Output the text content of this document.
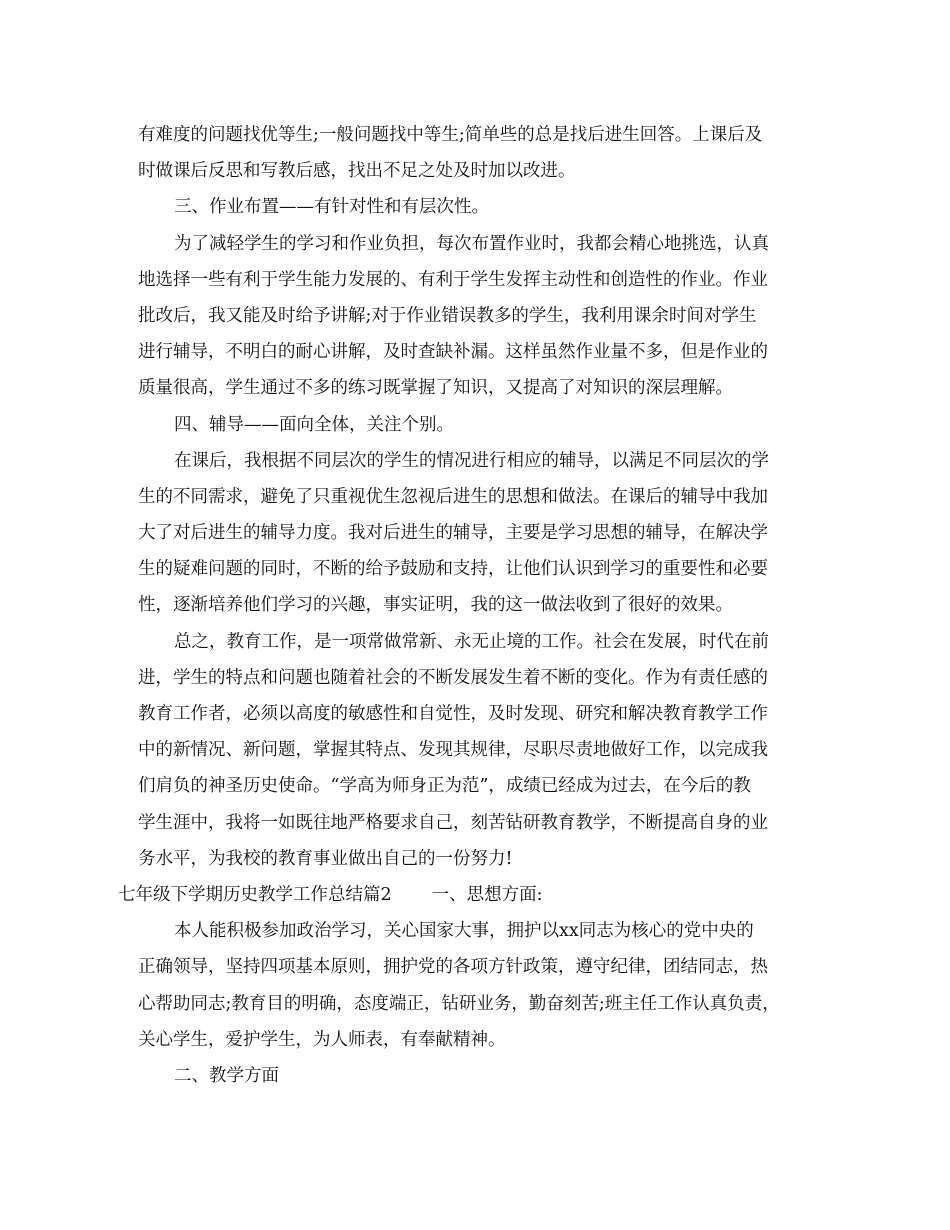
有难度的问题找优等生;一般问题找中等生;简单些的总是找后进生回答。上课后及
时做课后反思和写教后感，找出不足之处及时加以改进。
三、作业布置——有针对性和有层次性。
为了减轻学生的学习和作业负担，每次布置作业时，我都会精心地挑选，认真
地选择一些有利于学生能力发展的、有利于学生发挥主动性和创造性的作业。作业
批改后，我又能及时给予讲解;对于作业错误教多的学生，我利用课余时间对学生
进行辅导，不明白的耐心讲解，及时查缺补漏。这样虽然作业量不多，但是作业的
质量很高，学生通过不多的练习既掌握了知识，又提高了对知识的深层理解。
四、辅导——面向全体，关注个别。
在课后，我根据不同层次的学生的情况进行相应的辅导，以满足不同层次的学
生的不同需求，避免了只重视优生忽视后进生的思想和做法。在课后的辅导中我加
大了对后进生的辅导力度。我对后进生的辅导，主要是学习思想的辅导，在解决学
生的疑难问题的同时，不断的给予鼓励和支持，让他们认识到学习的重要性和必要
性，逐渐培养他们学习的兴趣，事实证明，我的这一做法收到了很好的效果。
总之，教育工作，是一项常做常新、永无止境的工作。社会在发展，时代在前
进，学生的特点和问题也随着社会的不断发展发生着不断的变化。作为有责任感的
教育工作者，必须以高度的敏感性和自觉性，及时发现、研究和解决教育教学工作
中的新情况、新问题，掌握其特点、发现其规律，尽职尽责地做好工作，以完成我
们肩负的神圣历史使命。“学高为师身正为范”，成绩已经成为过去，在今后的教
学生涯中，我将一如既往地严格要求自己，刻苦钻研教育教学，不断提高自身的业
务水平，为我校的教育事业做出自己的一份努力!
七年级下学期历史教学工作总结篇2 一、思想方面:
本人能积极参加政治学习，关心国家大事，拥护以xx同志为核心的党中央的
正确领导，坚持四项基本原则，拥护党的各项方针政策，遵守纪律，团结同志，热
心帮助同志;教育目的明确，态度端正，钻研业务，勤奋刻苦;班主任工作认真负责，
关心学生，爱护学生，为人师表，有奉献精神。
二、教学方面
